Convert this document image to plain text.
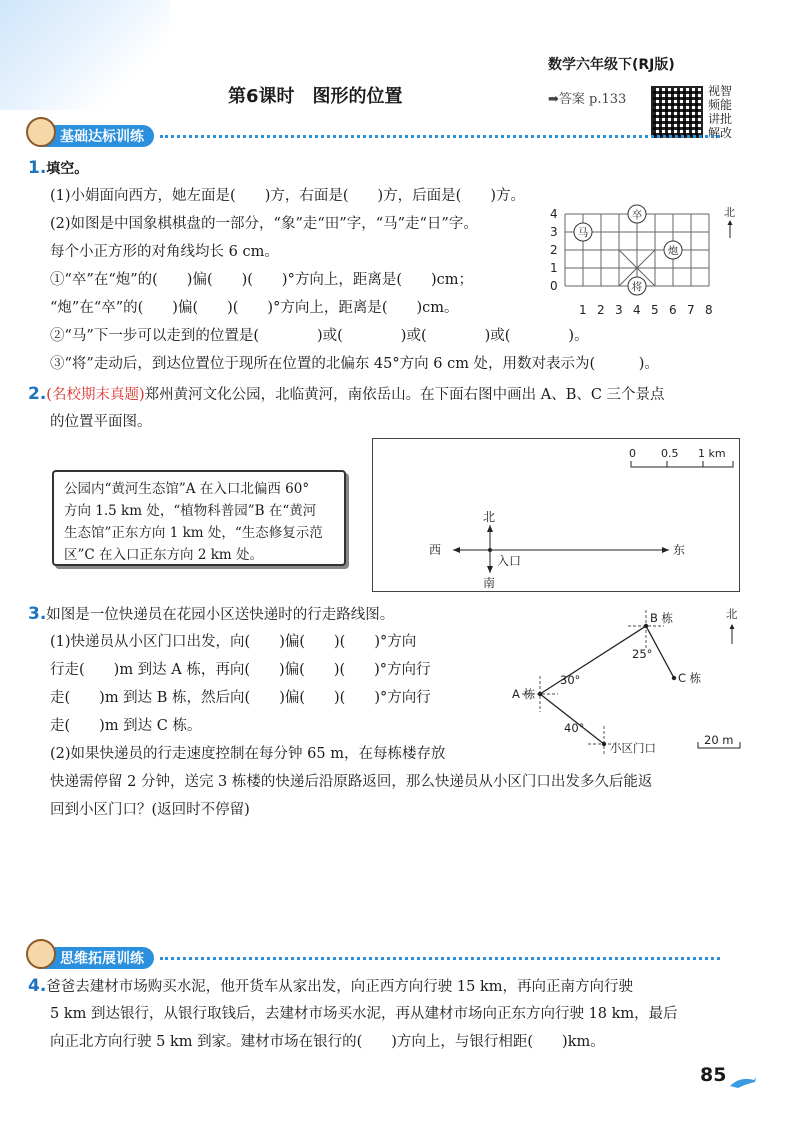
数学六年级下(RJ版)
第6课时　图形的位置	➡答案 p.133
视智频能讲批解改
基础达标训练
1.填空。
(1)小娟面向西方，她左面是(　　)方，右面是(　　)方，后面是(　　)方。
(2)如图是中国象棋棋盘的一部分，“象”走“田”字，“马”走“日”字。
每个小正方形的对角线均长 6 cm。
①“卒”在“炮”的(　　)偏(　　)(　　)°方向上，距离是(　　)cm；
“炮”在“卒”的(　　)偏(　　)(　　)°方向上，距离是(　　)cm。
②“马”下一步可以走到的位置是(　　　　)或(　　　　)或(　　　　)或(　　　　)。
③“将”走动后，到达位置位于现所在位置的北偏东 45°方向 6 cm 处，用数对表示为(　　　)。
4
3
2
1
0
1 2 3 4 5 6 7 8
马
卒
炮
将
北
2.(名校期末真题)郑州黄河文化公园，北临黄河，南依岳山。在下面右图中画出 A、B、C 三个景点
的位置平面图。
公园内“黄河生态馆”A 在入口北偏西 60°
方向 1.5 km 处，“植物科普园”B 在“黄河
生态馆”正东方向 1 km 处，“生态修复示范
区”C 在入口正东方向 2 km 处。
0 0.5 1 km
北
南
西	东
入口
3.如图是一位快递员在花园小区送快递时的行走路线图。
(1)快递员从小区门口出发，向(　　)偏(　　)(　　)°方向
行走(　　)m 到达 A 栋，再向(　　)偏(　　)(　　)°方向行
走(　　)m 到达 B 栋，然后向(　　)偏(　　)(　　)°方向行
走(　　)m 到达 C 栋。
(2)如果快递员的行走速度控制在每分钟 65 m，在每栋楼存放
快递需停留 2 分钟，送完 3 栋楼的快递后沿原路返回，那么快递员从小区门口出发多久后能返
回到小区门口？(返回时不停留)
B 栋
C 栋
A 栋
小区门口
25°
30°
40°
20 m
北
思维拓展训练
4.爸爸去建材市场购买水泥，他开货车从家出发，向正西方向行驶 15 km，再向正南方向行驶
5 km 到达银行，从银行取钱后，去建材市场买水泥，再从建材市场向正东方向行驶 18 km，最后
向正北方向行驶 5 km 到家。建材市场在银行的(　　)方向上，与银行相距(　　)km。
85
